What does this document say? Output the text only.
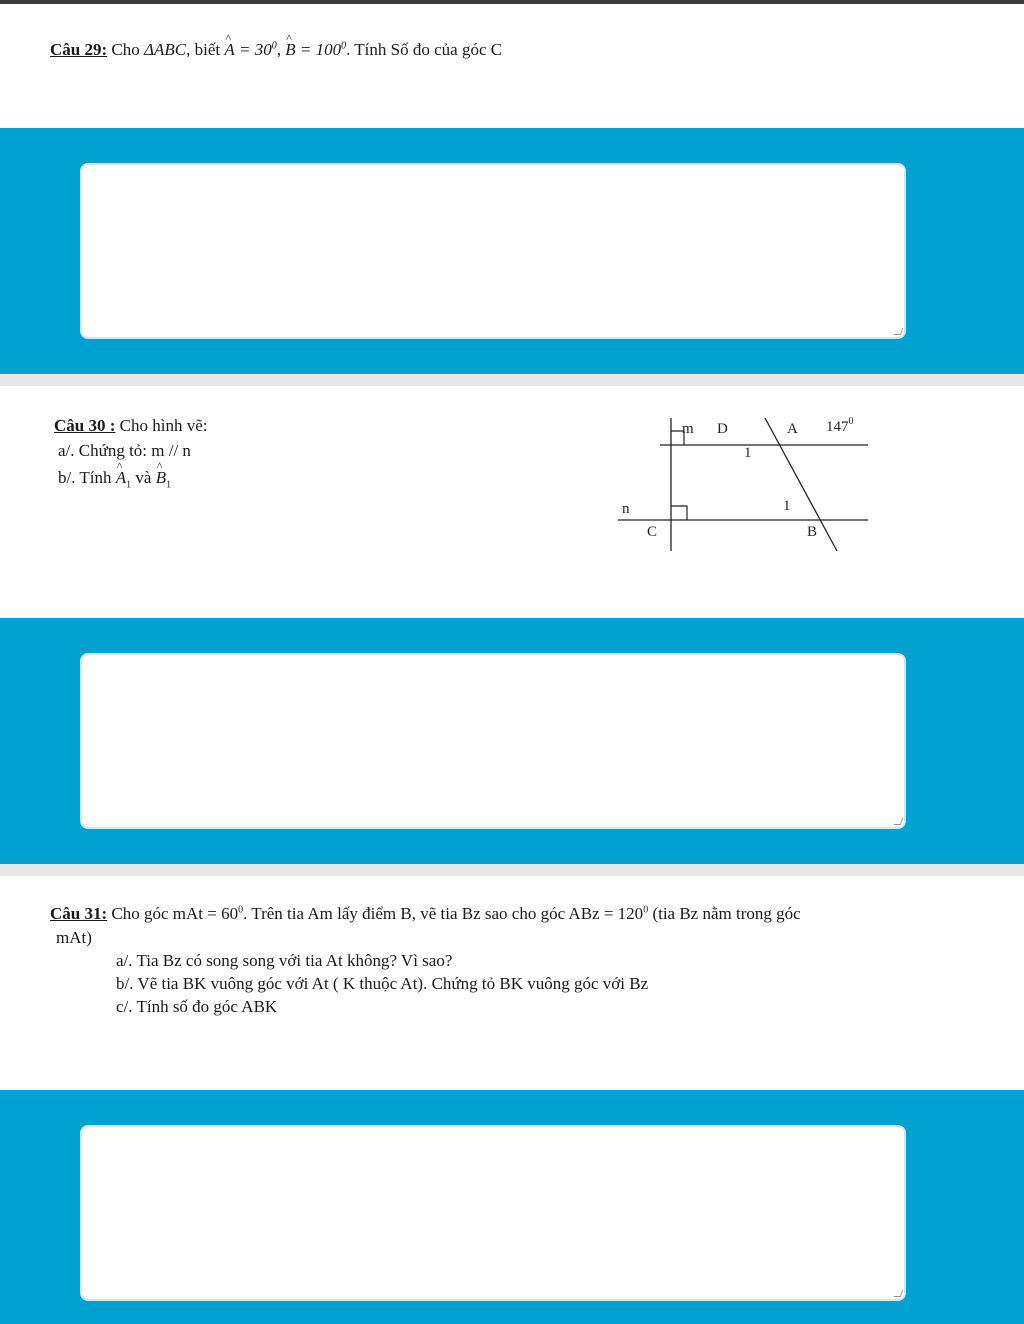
Câu 29: Cho ΔABC, biết ^ $A = 30^0$, ^ $B = 100^0$. Tính Số đo của góc C
Câu 30 : Cho hình vẽ:
a/. Chứng tỏ: m // n
b/. Tính ^ $A_1$ và ^ $B_1$
m D	A $147^0$
1
n
C
1
B
Câu 31: Cho góc mAt = $60^0$. Trên tia Am lấy điểm B, vẽ tia Bz sao cho góc ABz = $120^0$ (tia Bz nằm trong góc
mAt)
a/. Tia Bz có song song với tia At không? Vì sao?
b/. Vẽ tia BK vuông góc với At ( K thuộc At). Chứng tỏ BK vuông góc với Bz
c/. Tính số đo góc ABK
